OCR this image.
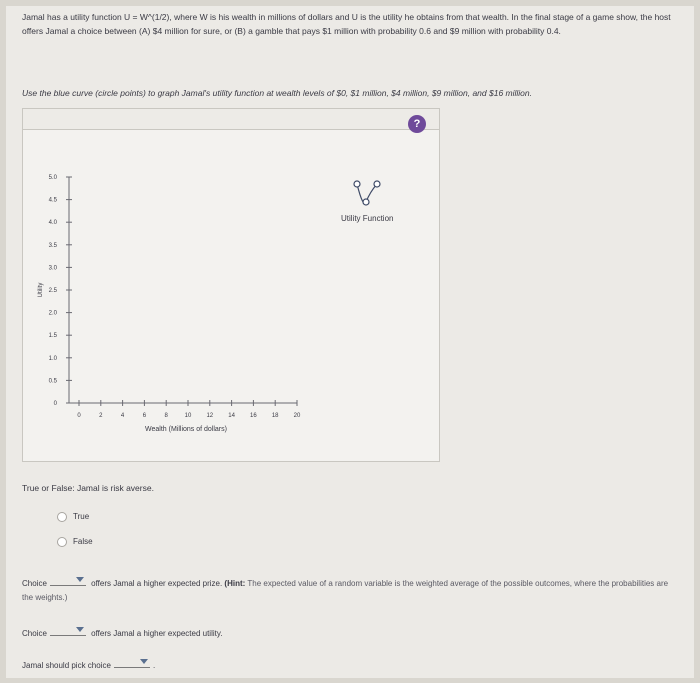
Jamal has a utility function U = W^(1/2), where W is his wealth in millions of dollars and U is the utility he obtains from that wealth. In the final stage of a game show, the host offers Jamal a choice between (A) $4 million for sure, or (B) a gamble that pays $1 million with probability 0.6 and $9 million with probability 0.4.
Use the blue curve (circle points) to graph Jamal's utility function at wealth levels of $0, $1 million, $4 million, $9 million, and $16 million.
?
0
0.5
1.0
1.5
2.0
2.5
3.0
3.5
4.0
4.5
5.0
0	2	4	6	8	10	12	14	16	18	20
Utility
Wealth (Millions of dollars)
Utility Function
True or False: Jamal is risk averse.
True
False
Choice	offers Jamal a higher expected prize. (Hint: The expected value of a random variable is the weighted average of the possible outcomes, where the probabilities are the weights.)
Choice	offers Jamal a higher expected utility.
Jamal should pick choice	.
